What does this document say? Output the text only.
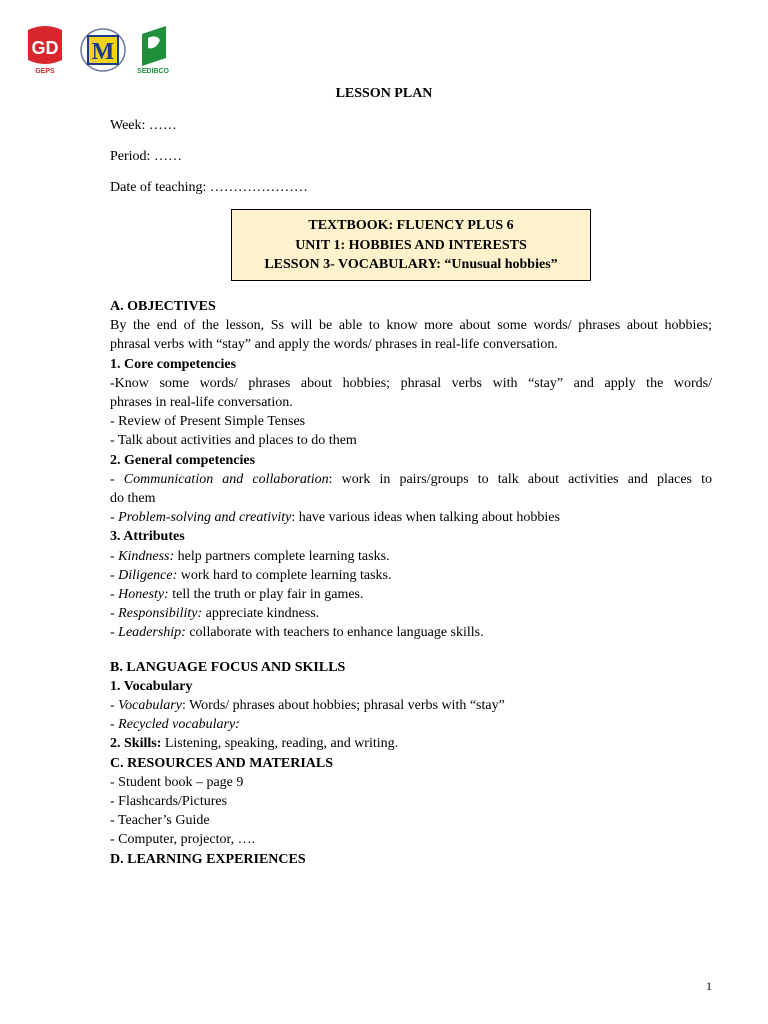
GD
GEPS
M
SEDIBCO
LESSON PLAN
Week: ……
Period: ……
Date of teaching: …………………
TEXTBOOK: FLUENCY PLUS 6
UNIT 1: HOBBIES AND INTERESTS
LESSON 3- VOCABULARY: “Unusual hobbies”
A. OBJECTIVES
By the end of the lesson, Ss will be able to know more about some words/ phrases about hobbies;
phrasal verbs with “stay” and apply the words/ phrases in real-life conversation.
1. Core competencies
-Know some words/ phrases about hobbies; phrasal verbs with “stay” and apply the words/
phrases in real-life conversation.
- Review of Present Simple Tenses
- Talk about activities and places to do them
2. General competencies
- Communication and collaboration: work in pairs/groups to talk about activities and places to
do them
- Problem-solving and creativity: have various ideas when talking about hobbies
3. Attributes
- Kindness: help partners complete learning tasks.
- Diligence: work hard to complete learning tasks.
- Honesty: tell the truth or play fair in games.
- Responsibility: appreciate kindness.
- Leadership: collaborate with teachers to enhance language skills.
B. LANGUAGE FOCUS AND SKILLS
1. Vocabulary
- Vocabulary: Words/ phrases about hobbies; phrasal verbs with “stay”
- Recycled vocabulary:
2. Skills: Listening, speaking, reading, and writing.
C. RESOURCES AND MATERIALS
- Student book – page 9
- Flashcards/Pictures
- Teacher’s Guide
- Computer, projector, ….
D. LEARNING EXPERIENCES
1
